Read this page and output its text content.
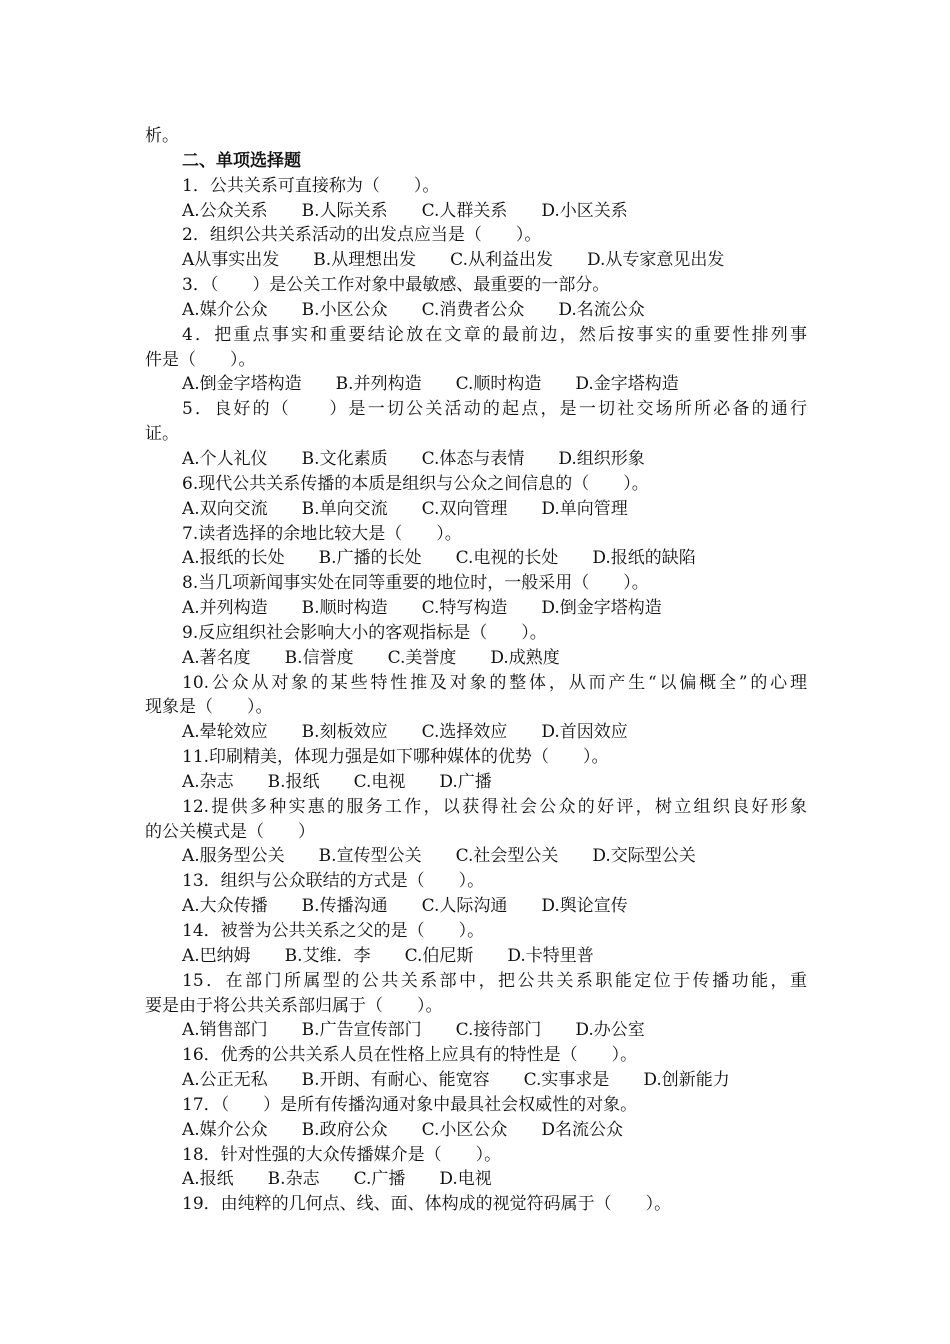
析。
二、单项选择题
1．公共关系可直接称为（　　）。
A.公众关系　　B.人际关系　　C.人群关系　　D.小区关系
2．组织公共关系活动的出发点应当是（　　）。
A从事实出发　　B.从理想出发　　C.从利益出发　　D.从专家意见出发
3．（　　）是公关工作对象中最敏感、最重要的一部分。
A.媒介公众　　B.小区公众　　C.消费者公众　　D.名流公众
4．把重点事实和重要结论放在文章的最前边，然后按事实的重要性排列事
件是（　　）。
A.倒金字塔构造　　B.并列构造　　C.顺时构造　　D.金字塔构造
5．良好的（　　）是一切公关活动的起点，是一切社交场所所必备的通行
证。
A.个人礼仪　　B.文化素质　　C.体态与表情　　D.组织形象
6.现代公共关系传播的本质是组织与公众之间信息的（　　）。
A.双向交流　　B.单向交流　　C.双向管理　　D.单向管理
7.读者选择的余地比较大是（　　）。
A.报纸的长处　　B.广播的长处　　C.电视的长处　　D.报纸的缺陷
8.当几项新闻事实处在同等重要的地位时，一般采用（　　）。
A.并列构造　　B.顺时构造　　C.特写构造　　D.倒金字塔构造
9.反应组织社会影响大小的客观指标是（　　）。
A.著名度　　B.信誉度　　C.美誉度　　D.成熟度
10.公众从对象的某些特性推及对象的整体，从而产生“以偏概全”的心理
现象是（　　）。
A.晕轮效应　　B.刻板效应　　C.选择效应　　D.首因效应
11.印刷精美，体现力强是如下哪种媒体的优势（　　）。
A.杂志　　B.报纸　　C.电视　　D.广播
12.提供多种实惠的服务工作，以获得社会公众的好评，树立组织良好形象
的公关模式是（　　）
A.服务型公关　　B.宣传型公关　　C.社会型公关　　D.交际型公关
13．组织与公众联结的方式是（　　）。
A.大众传播　　B.传播沟通　　C.人际沟通　　D.舆论宣传
14．被誉为公共关系之父的是（　　）。
A.巴纳姆　　B.艾维．李　　C.伯尼斯　　D.卡特里普
15．在部门所属型的公共关系部中，把公共关系职能定位于传播功能，重
要是由于将公共关系部归属于（　　）。
A.销售部门　　B.广告宣传部门　　C.接待部门　　D.办公室
16．优秀的公共关系人员在性格上应具有的特性是（　　）。
A.公正无私　　B.开朗、有耐心、能宽容　　C.实事求是　　D.创新能力
17．（　　）是所有传播沟通对象中最具社会权威性的对象。
A.媒介公众　　B.政府公众　　C.小区公众　　D名流公众
18．针对性强的大众传播媒介是（　　）。
A.报纸　　B.杂志　　C.广播　　D.电视
19．由纯粹的几何点、线、面、体构成的视觉符码属于（　　）。
